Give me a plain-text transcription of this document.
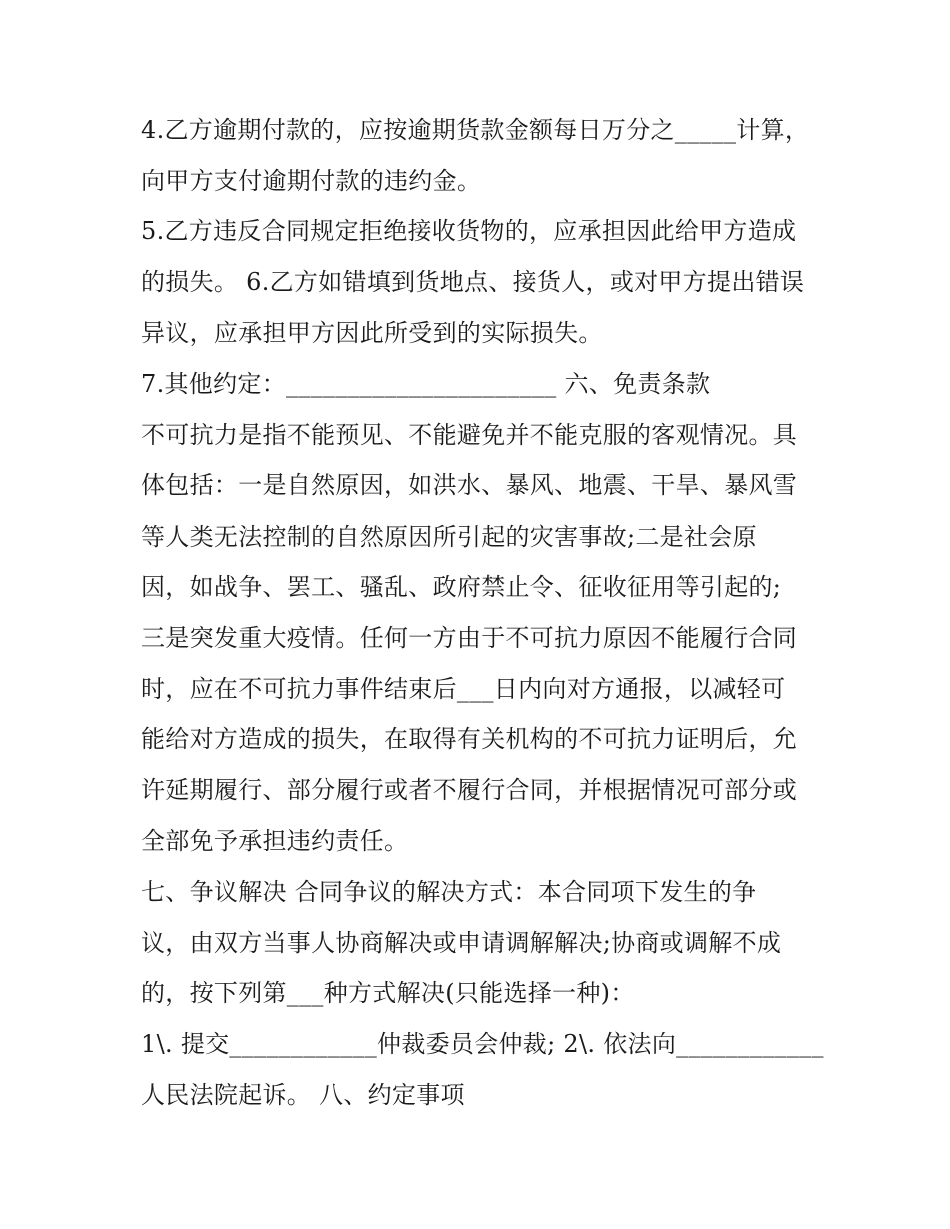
4.乙方逾期付款的，应按逾期货款金额每日万分之_____计算，
向甲方支付逾期付款的违约金。
5.乙方违反合同规定拒绝接收货物的，应承担因此给甲方造成
的损失。 6.乙方如错填到货地点、接货人，或对甲方提出错误
异议，应承担甲方因此所受到的实际损失。
7.其他约定：______________________ 六、免责条款
不可抗力是指不能预见、不能避免并不能克服的客观情况。具
体包括：一是自然原因，如洪水、暴风、地震、干旱、暴风雪
等人类无法控制的自然原因所引起的灾害事故;二是社会原
因，如战争、罢工、骚乱、政府禁止令、征收征用等引起的;
三是突发重大疫情。任何一方由于不可抗力原因不能履行合同
时，应在不可抗力事件结束后___日内向对方通报，以减轻可
能给对方造成的损失，在取得有关机构的不可抗力证明后，允
许延期履行、部分履行或者不履行合同，并根据情况可部分或
全部免予承担违约责任。
七、争议解决 合同争议的解决方式：本合同项下发生的争
议，由双方当事人协商解决或申请调解解决;协商或调解不成
的，按下列第___种方式解决(只能选择一种)：
1\. 提交____________仲裁委员会仲裁; 2\. 依法向____________
人民法院起诉。 八、约定事项
